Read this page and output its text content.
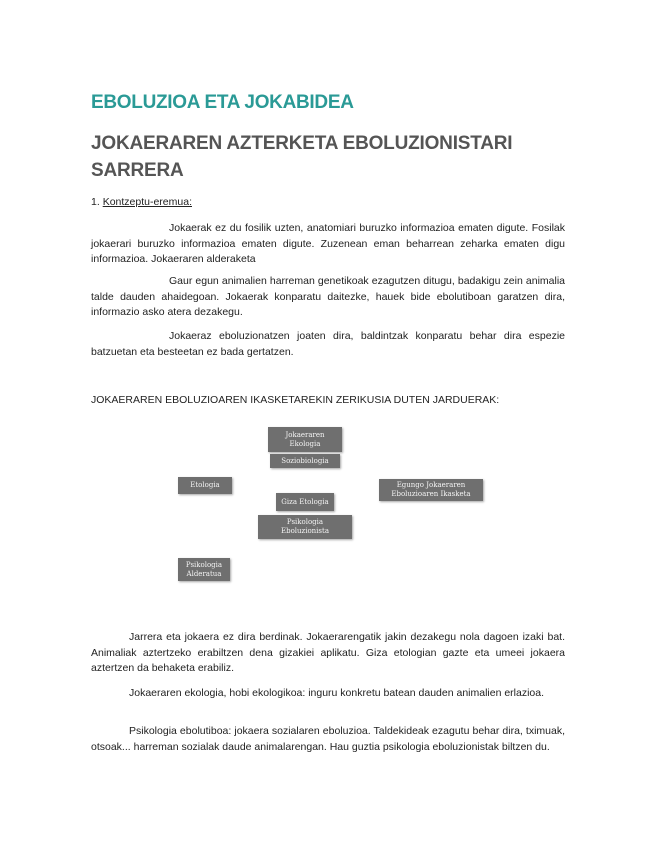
EBOLUZIOA ETA JOKABIDEA
JOKAERAREN AZTERKETA EBOLUZIONISTARI SARRERA
1. Kontzeptu-eremua:

Jokaerak ez du fosilik uzten, anatomiari buruzko informazioa ematen digute. Fosilak jokaerari buruzko informazioa ematen digute. Zuzenean eman beharrean zeharka ematen digu informazioa. Jokaeraren alderaketa

Gaur egun animalien harreman genetikoak ezagutzen ditugu, badakigu zein animalia talde dauden ahaidegoan. Jokaerak konparatu daitezke, hauek bide ebolutiboan garatzen dira, informazio asko atera dezakegu.

Jokaeraz eboluzionatzen joaten dira, baldintzak konparatu behar dira espezie batzuetan eta besteetan ez bada gertatzen.

JOKAERAREN EBOLUZIOAREN IKASKETAREKIN ZERIKUSIA DUTEN JARDUERAK:
Jokaeraren
Ekologia
Soziobiologia
Etologia
Giza Etologia
Psikologia
Eboluzionista
Egungo Jokaeraren
Eboluzioaren Ikasketa
Psikologia
Alderatua

Jarrera eta jokaera ez dira berdinak. Jokaerarengatik jakin dezakegu nola dagoen izaki bat. Animaliak aztertzeko erabiltzen dena gizakiei aplikatu. Giza etologian gazte eta umeei jokaera aztertzen da behaketa erabiliz.

Jokaeraren ekologia, hobi ekologikoa: inguru konkretu batean dauden animalien erlazioa.

Psikologia ebolutiboa: jokaera sozialaren eboluzioa. Taldekideak ezagutu behar dira, tximuak, otsoak... harreman sozialak daude animalarengan. Hau guztia psikologia eboluzionistak biltzen du.
